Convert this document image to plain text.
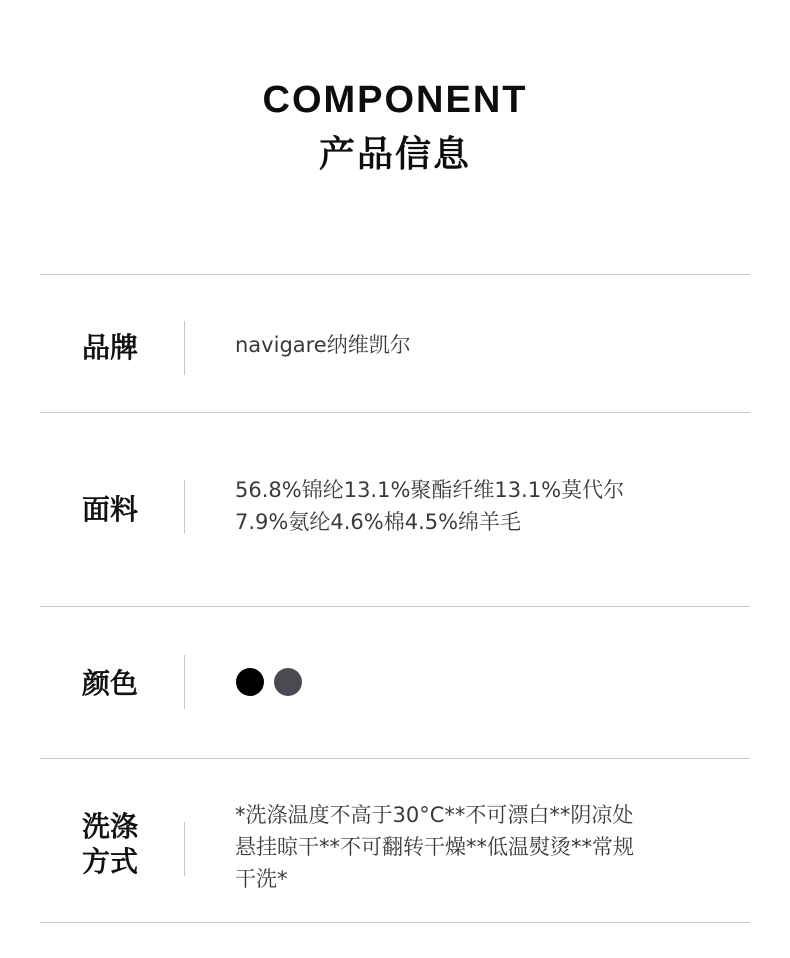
COMPONENT
产品信息
品牌	navigare纳维凯尔
面料
56.8%锦纶13.1%聚酯纤维13.1%莫代尔
7.9%氨纶4.6%棉4.5%绵羊毛
颜色
洗涤
方式
*洗涤温度不高于30°C**不可漂白**阴凉处
悬挂晾干**不可翻转干燥**低温熨烫**常规
干洗*
